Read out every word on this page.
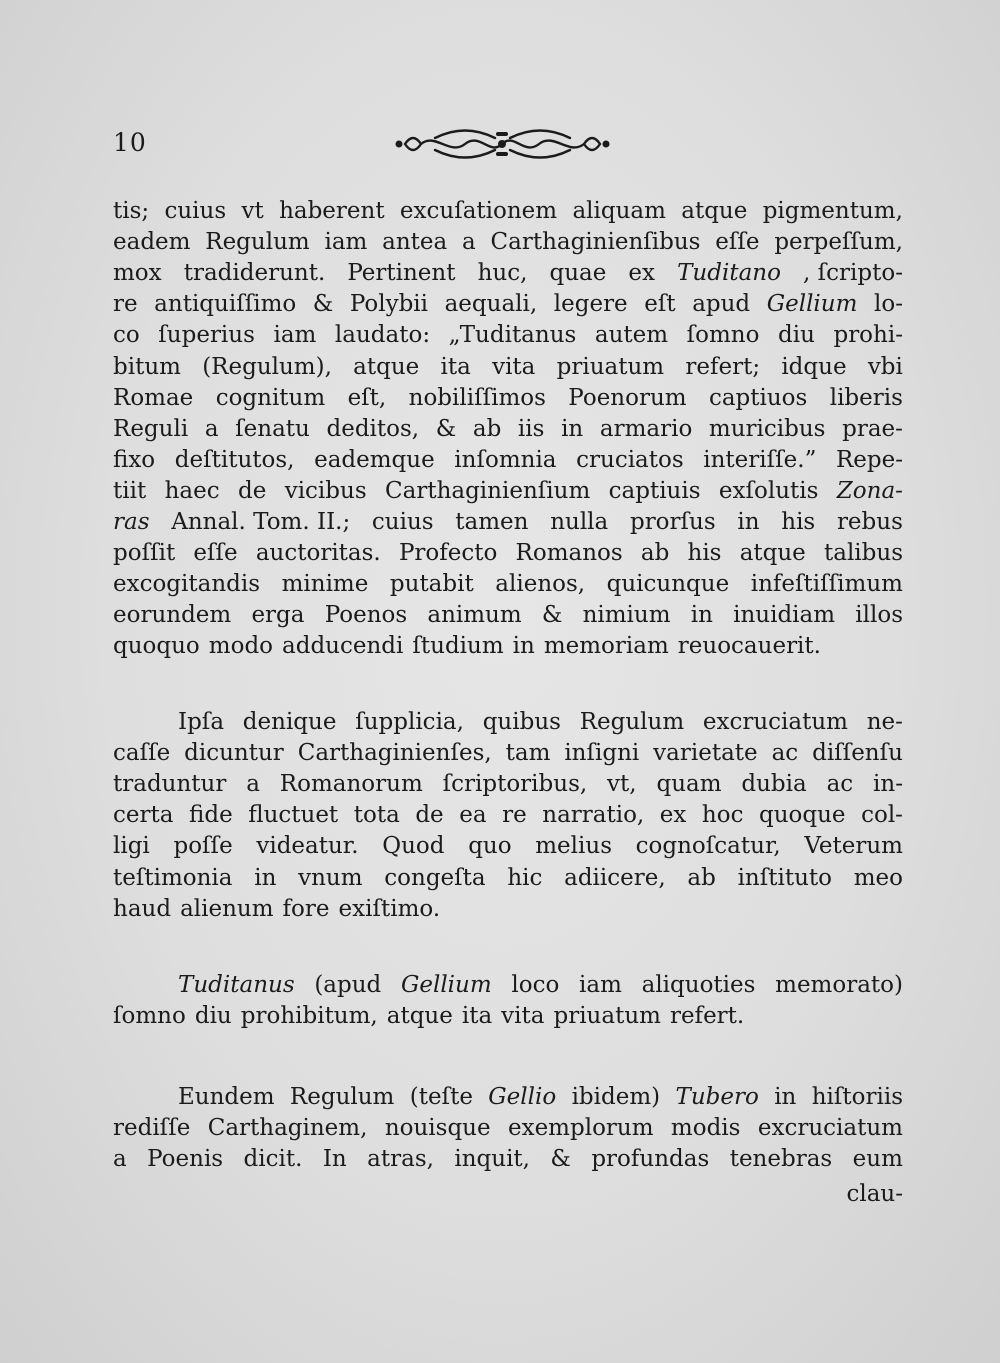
10
tis; cuius vt haberent excuſationem aliquam atque pigmentum,
eadem Regulum iam antea a Carthaginienſibus eſſe perpeſſum,
mox tradiderunt. Pertinent huc, quae ex Tuditano , ſcripto-
re antiquiſſimo & Polybii aequali, legere eſt apud Gellium lo-
co ſuperius iam laudato: „Tuditanus autem ſomno diu prohi-
bitum (Regulum), atque ita vita priuatum refert; idque vbi
Romae cognitum eſt, nobiliſſimos Poenorum captiuos liberis
Reguli a ſenatu deditos, & ab iis in armario muricibus prae-
fixo deſtitutos, eademque inſomnia cruciatos interiſſe.” Repe-
tiit haec de vicibus Carthaginienſium captiuis exſolutis Zona-
ras Annal. Tom. II.; cuius tamen nulla prorſus in his rebus
poſſit eſſe auctoritas. Profecto Romanos ab his atque talibus
excogitandis minime putabit alienos, quicunque infeſtiſſimum
eorundem erga Poenos animum & nimium in inuidiam illos
quoquo modo adducendi ſtudium in memoriam reuocauerit.
Ipſa denique ſupplicia, quibus Regulum excruciatum ne-
caſſe dicuntur Carthaginienſes, tam inſigni varietate ac diſſenſu
traduntur a Romanorum ſcriptoribus, vt, quam dubia ac in-
certa fide fluctuet tota de ea re narratio, ex hoc quoque col-
ligi poſſe videatur. Quod quo melius cognoſcatur, Veterum
teſtimonia in vnum congeſta hic adiicere, ab inſtituto meo
haud alienum fore exiſtimo.
Tuditanus (apud Gellium loco iam aliquoties memorato)
ſomno diu prohibitum, atque ita vita priuatum refert.
Eundem Regulum (teſte Gellio ibidem) Tubero in hiſtoriis
rediſſe Carthaginem, nouisque exemplorum modis excruciatum
a Poenis dicit. In atras, inquit, & profundas tenebras eum
clau-
